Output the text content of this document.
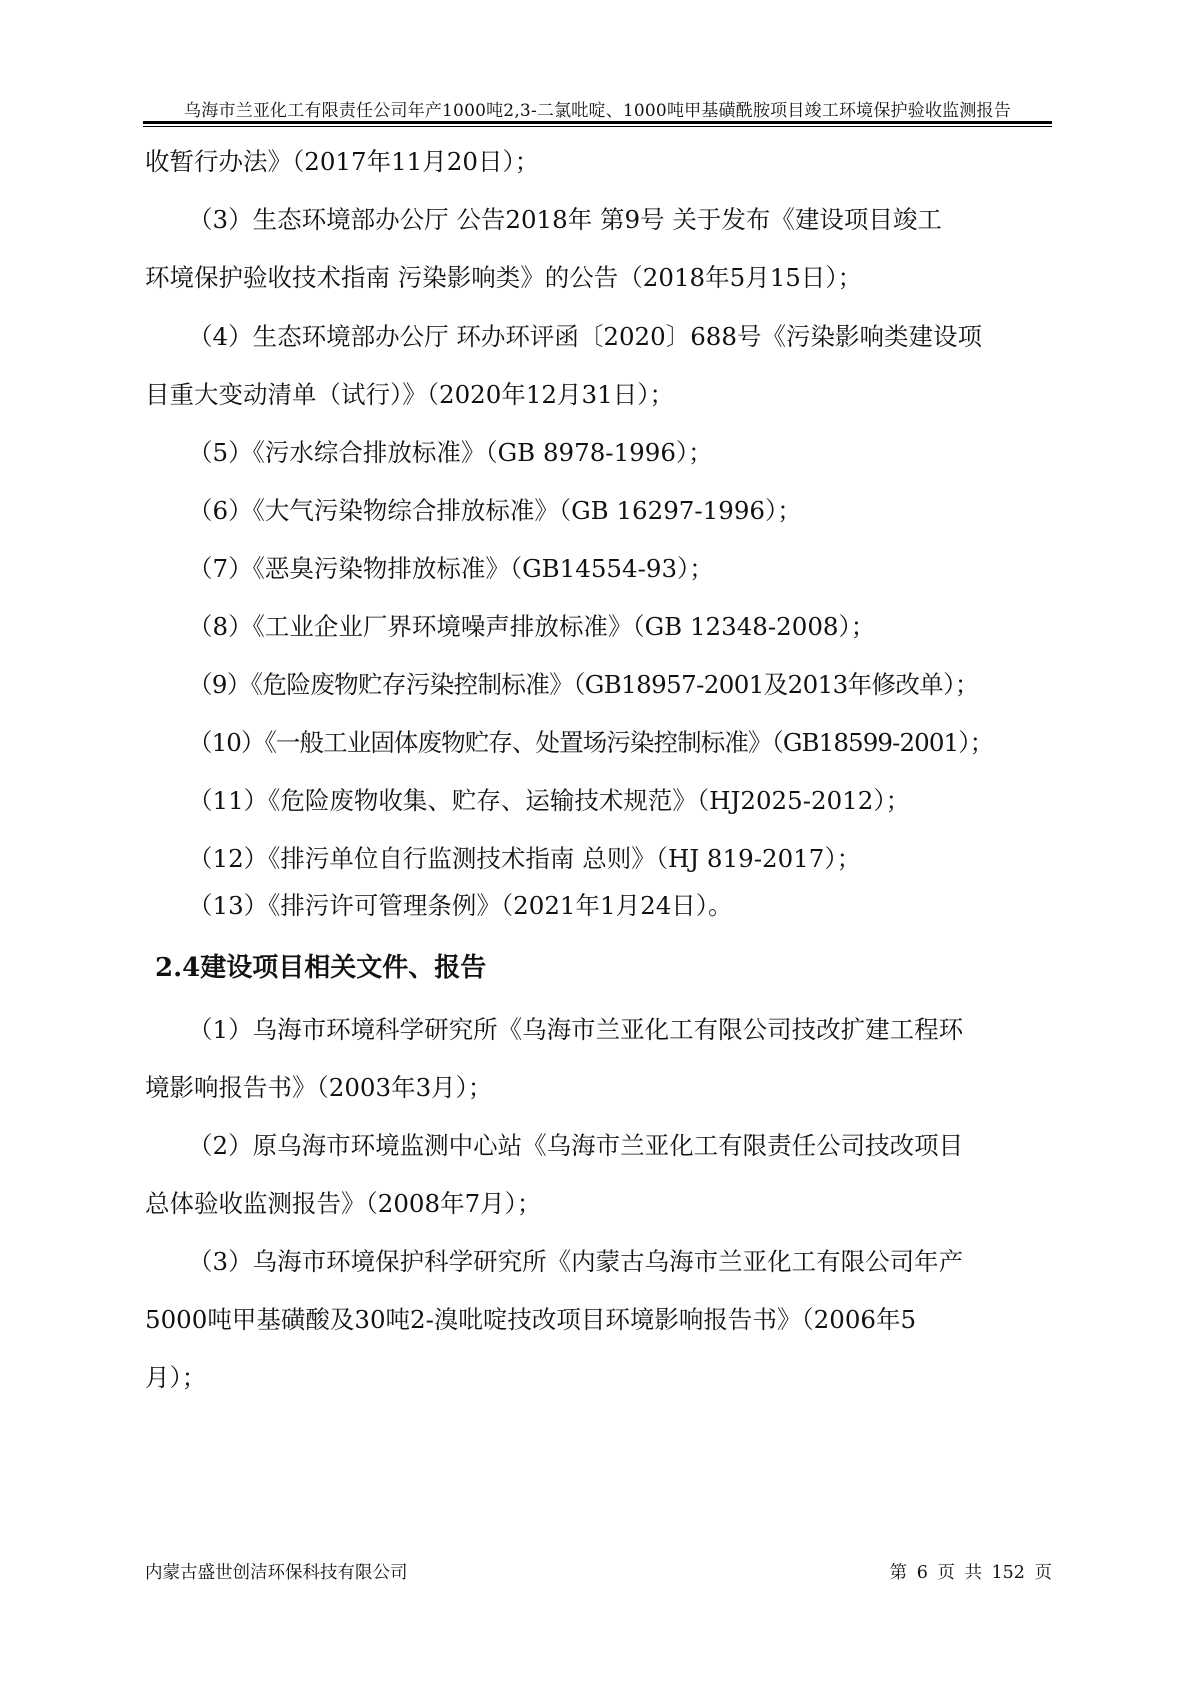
乌海市兰亚化工有限责任公司年产1000吨2,3-二氯吡啶、1000吨甲基磺酰胺项目竣工环境保护验收监测报告
收暂行办法》（2017年11月20日）；
（3）生态环境部办公厅 公告2018年 第9号 关于发布《建设项目竣工
环境保护验收技术指南 污染影响类》的公告（2018年5月15日）；
（4）生态环境部办公厅 环办环评函〔2020〕688号《污染影响类建设项
目重大变动清单（试行）》（2020年12月31日）；
（5）《污水综合排放标准》（GB 8978-1996）；
（6）《大气污染物综合排放标准》（GB 16297-1996）；
（7）《恶臭污染物排放标准》（GB14554-93）；
（8）《工业企业厂界环境噪声排放标准》（GB 12348-2008）；
（9）《危险废物贮存污染控制标准》（GB18957-2001及2013年修改单）；
（10）《一般工业固体废物贮存、处置场污染控制标准》（GB18599-2001）；
（11）《危险废物收集、贮存、运输技术规范》（HJ2025-2012）；
（12）《排污单位自行监测技术指南 总则》（HJ 819-2017）；
（13）《排污许可管理条例》（2021年1月24日）。
2.4建设项目相关文件、报告
（1）乌海市环境科学研究所《乌海市兰亚化工有限公司技改扩建工程环
境影响报告书》（2003年3月）；
（2）原乌海市环境监测中心站《乌海市兰亚化工有限责任公司技改项目
总体验收监测报告》（2008年7月）；
（3）乌海市环境保护科学研究所《内蒙古乌海市兰亚化工有限公司年产
5000吨甲基磺酸及30吨2-溴吡啶技改项目环境影响报告书》（2006年5
月）；
内蒙古盛世创洁环保科技有限公司	第 6 页 共 152 页
